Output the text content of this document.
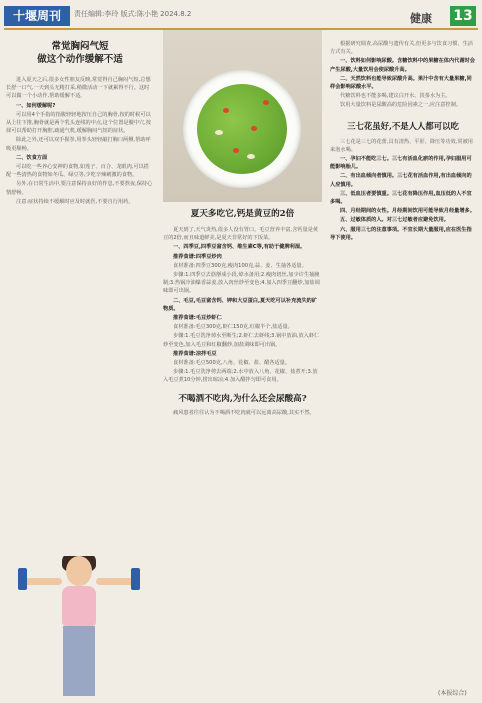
十堰周刊	责任编辑:李玲 版式:陈小艳 2024.8.2	健康 13
常觉胸闷气短
做这个动作缓解不适

进入夏天之后,很多女性朋友反映,常觉得自己胸闷气短,总想长舒一口气,一天到头无精打采,稍微活动一下就累得不行。这时可以做一个小动作,帮助缓解不适。

一、如何缓解呢?

可以用4个手指的指腹轻轻地按压自己的胸骨,按的时候可以从上往下推,胸骨就是两个乳头连线的中点,这个位置是膻中穴,按揉可以帮助打开胸腔,疏通气机,缓解胸闷气短的症状。

除此之外,还可以双手握拳,用拳头轻轻敲打胸口两侧,帮助呼吸更顺畅。

二、饮食方面

可以吃一些养心安神的食物,如莲子、百合、龙眼肉,可以搭配一些清热的食物如冬瓜、绿豆等,少吃辛辣刺激的食物。

另外,在日常生活中,要注意保持良好的作息,不要熬夜,保持心情舒畅。

注意:症状持续不缓解时应及时就医,不要自行用药。

夏天多吃它,钙是黄豆的2倍

夏天到了,天气炎热,很多人没有胃口。毛豆营养丰富,含钙量是黄豆的2倍,而且味道鲜美,是夏天非常好的下饭菜。

一、四季豆,四季豆富含钙、维生素C等,有助于健脾利湿。

推荐食谱:四季豆炒肉

食材准备:四季豆300克,瘦肉100克,蒜、姜、生抽各适量。

步骤:1.四季豆去筋掰成小段,焯水备用;2.瘦肉切丝,加少许生抽腌制;3.热锅冷油爆香蒜姜,放入肉丝炒至变色;4.加入四季豆翻炒,加盐调味即可出锅。

二、毛豆,毛豆富含钙、钾和大豆蛋白,夏天吃可以补充流失的矿物质。

推荐食谱:毛豆炒虾仁

食材准备:毛豆300克,虾仁150克,红椒半个,盐适量。

步骤:1.毛豆洗净焯水至断生;2.虾仁去虾线;3.锅中放油,放入虾仁炒至变色,加入毛豆和红椒翻炒,加盐调味即可出锅。

推荐食谱:凉拌毛豆

食材准备:毛豆500克,八角、花椒、盐、醋各适量。

步骤:1.毛豆洗净剪去两端;2.水中放入八角、花椒、盐煮开;3.放入毛豆煮10分钟,捞出晾凉;4.加入醋拌匀即可食用。

不喝酒不吃肉,为什么还会尿酸高?

痛风患者往往认为不喝酒不吃肉就可以远离高尿酸,其实不然。

根据研究调查,高尿酸与遗传有关,但更多与饮食习惯、生活方式有关。

一、饮料如何影响尿酸。含糖饮料中的果糖在体内代谢时会产生尿酸,大量饮用会使尿酸升高。

二、天然饮料也能导致尿酸升高。果汁中含有大量果糖,同样会影响尿酸水平。

代糖饮料也不能多喝,建议白开水、淡茶水为主。

饮用大量饮料是尿酸高的危险因素之一,应注意控制。

三七花虽好,不是人人都可以吃

三七花是三七的花蕾,具有清热、平肝、降压等功效,常被用来泡水喝。

一、孕妇不能吃三七。三七有活血化瘀的作用,孕妇服用可能影响胎儿。

二、有出血倾向者慎用。三七花有活血作用,有出血倾向的人应慎用。

三、低血压者要慎重。三七花有降压作用,血压低的人不宜多喝。

四、月经期间的女性。月经期间饮用可能导致月经量增多。

五、过敏体质的人。对三七过敏者应避免饮用。

六、服用三七的注意事项。不宜长期大量服用,应在医生指导下使用。

(本报综合)
